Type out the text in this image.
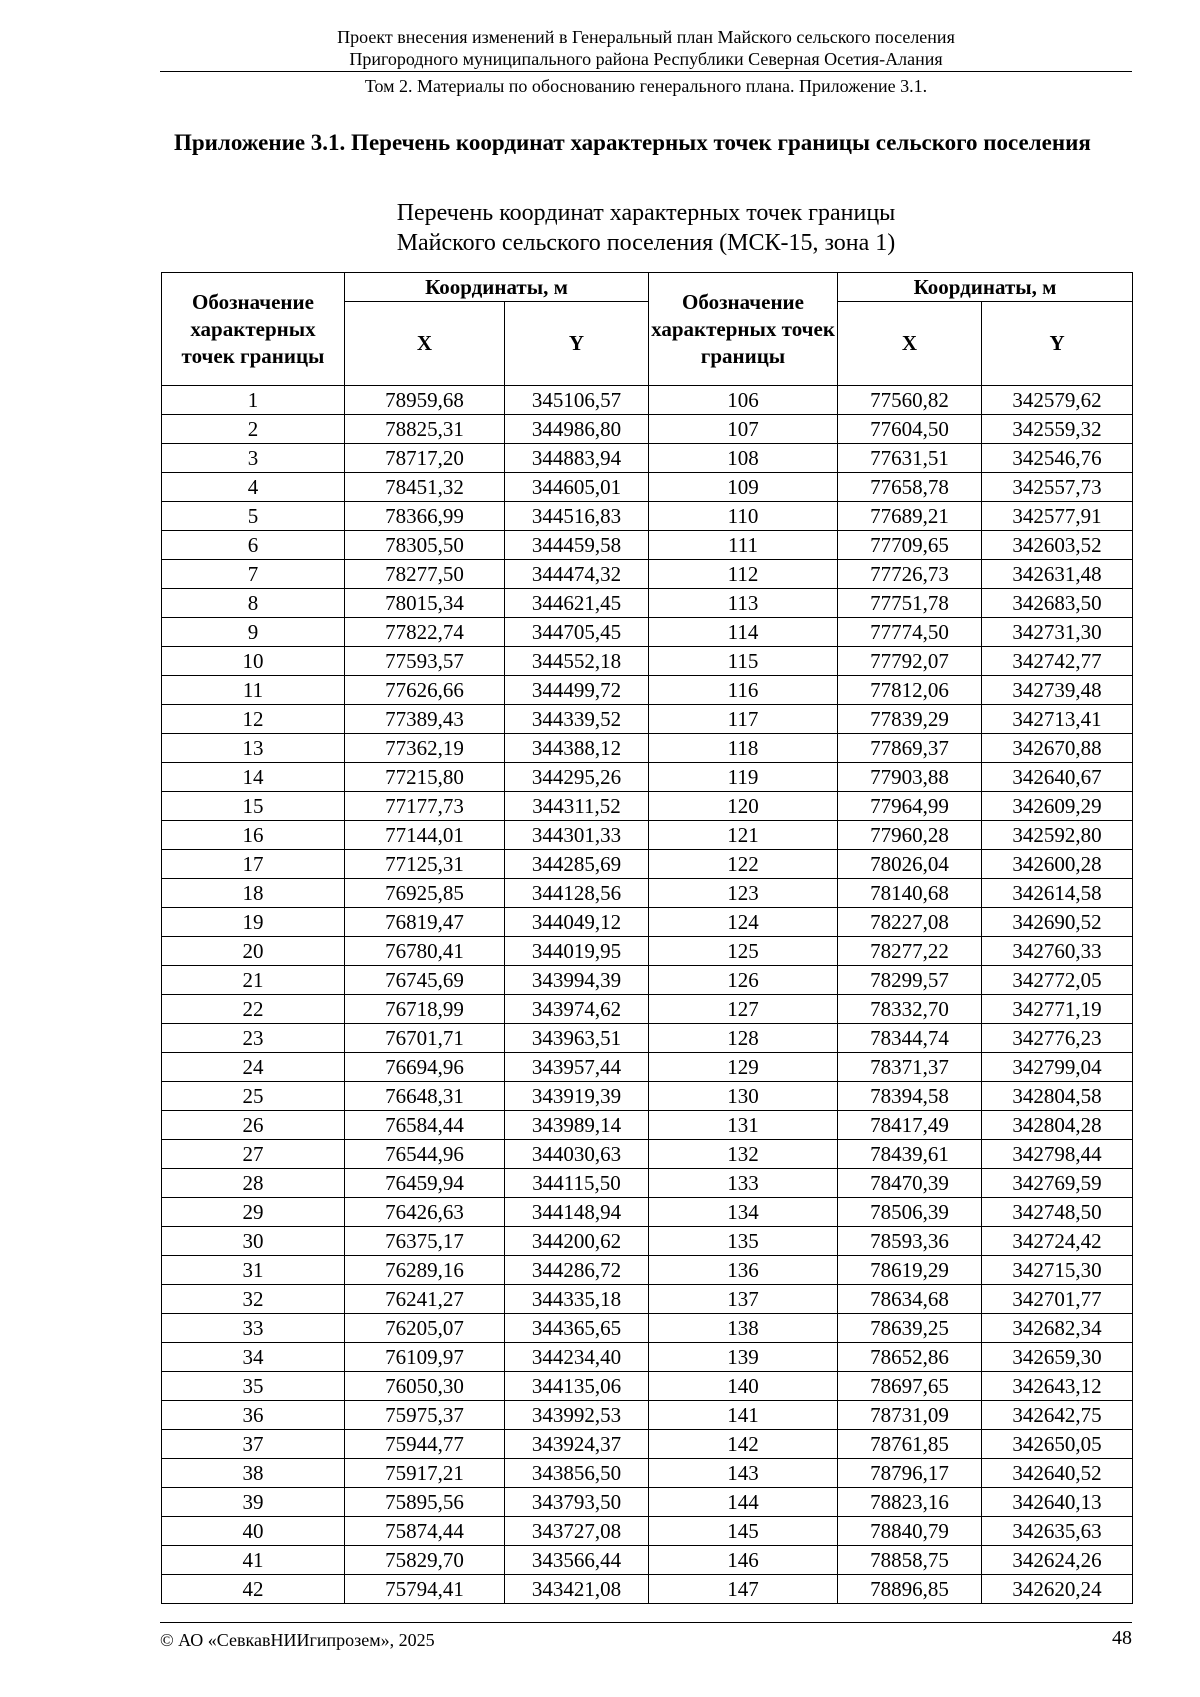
Проект внесения изменений в Генеральный план Майского сельского поселения
Пригородного муниципального района Республики Северная Осетия-Алания
Том 2. Материалы по обоснованию генерального плана. Приложение 3.1.
Приложение 3.1. Перечень координат характерных точек границы сельского поселения
Перечень координат характерных точек границы
Майского сельского поселения (МСК-15, зона 1)
Обозначение характерных точек границы	Координаты, м		Обозначение характерных точек границы	Координаты, м	
	X	Y		X	Y
1	78959,68	345106,57	106	77560,82	342579,62
2	78825,31	344986,80	107	77604,50	342559,32
3	78717,20	344883,94	108	77631,51	342546,76
4	78451,32	344605,01	109	77658,78	342557,73
5	78366,99	344516,83	110	77689,21	342577,91
6	78305,50	344459,58	111	77709,65	342603,52
7	78277,50	344474,32	112	77726,73	342631,48
8	78015,34	344621,45	113	77751,78	342683,50
9	77822,74	344705,45	114	77774,50	342731,30
10	77593,57	344552,18	115	77792,07	342742,77
11	77626,66	344499,72	116	77812,06	342739,48
12	77389,43	344339,52	117	77839,29	342713,41
13	77362,19	344388,12	118	77869,37	342670,88
14	77215,80	344295,26	119	77903,88	342640,67
15	77177,73	344311,52	120	77964,99	342609,29
16	77144,01	344301,33	121	77960,28	342592,80
17	77125,31	344285,69	122	78026,04	342600,28
18	76925,85	344128,56	123	78140,68	342614,58
19	76819,47	344049,12	124	78227,08	342690,52
20	76780,41	344019,95	125	78277,22	342760,33
21	76745,69	343994,39	126	78299,57	342772,05
22	76718,99	343974,62	127	78332,70	342771,19
23	76701,71	343963,51	128	78344,74	342776,23
24	76694,96	343957,44	129	78371,37	342799,04
25	76648,31	343919,39	130	78394,58	342804,58
26	76584,44	343989,14	131	78417,49	342804,28
27	76544,96	344030,63	132	78439,61	342798,44
28	76459,94	344115,50	133	78470,39	342769,59
29	76426,63	344148,94	134	78506,39	342748,50
30	76375,17	344200,62	135	78593,36	342724,42
31	76289,16	344286,72	136	78619,29	342715,30
32	76241,27	344335,18	137	78634,68	342701,77
33	76205,07	344365,65	138	78639,25	342682,34
34	76109,97	344234,40	139	78652,86	342659,30
35	76050,30	344135,06	140	78697,65	342643,12
36	75975,37	343992,53	141	78731,09	342642,75
37	75944,77	343924,37	142	78761,85	342650,05
38	75917,21	343856,50	143	78796,17	342640,52
39	75895,56	343793,50	144	78823,16	342640,13
40	75874,44	343727,08	145	78840,79	342635,63
41	75829,70	343566,44	146	78858,75	342624,26
42	75794,41	343421,08	147	78896,85	342620,24
© АО «СевкавНИИгипрозем», 2025	48
